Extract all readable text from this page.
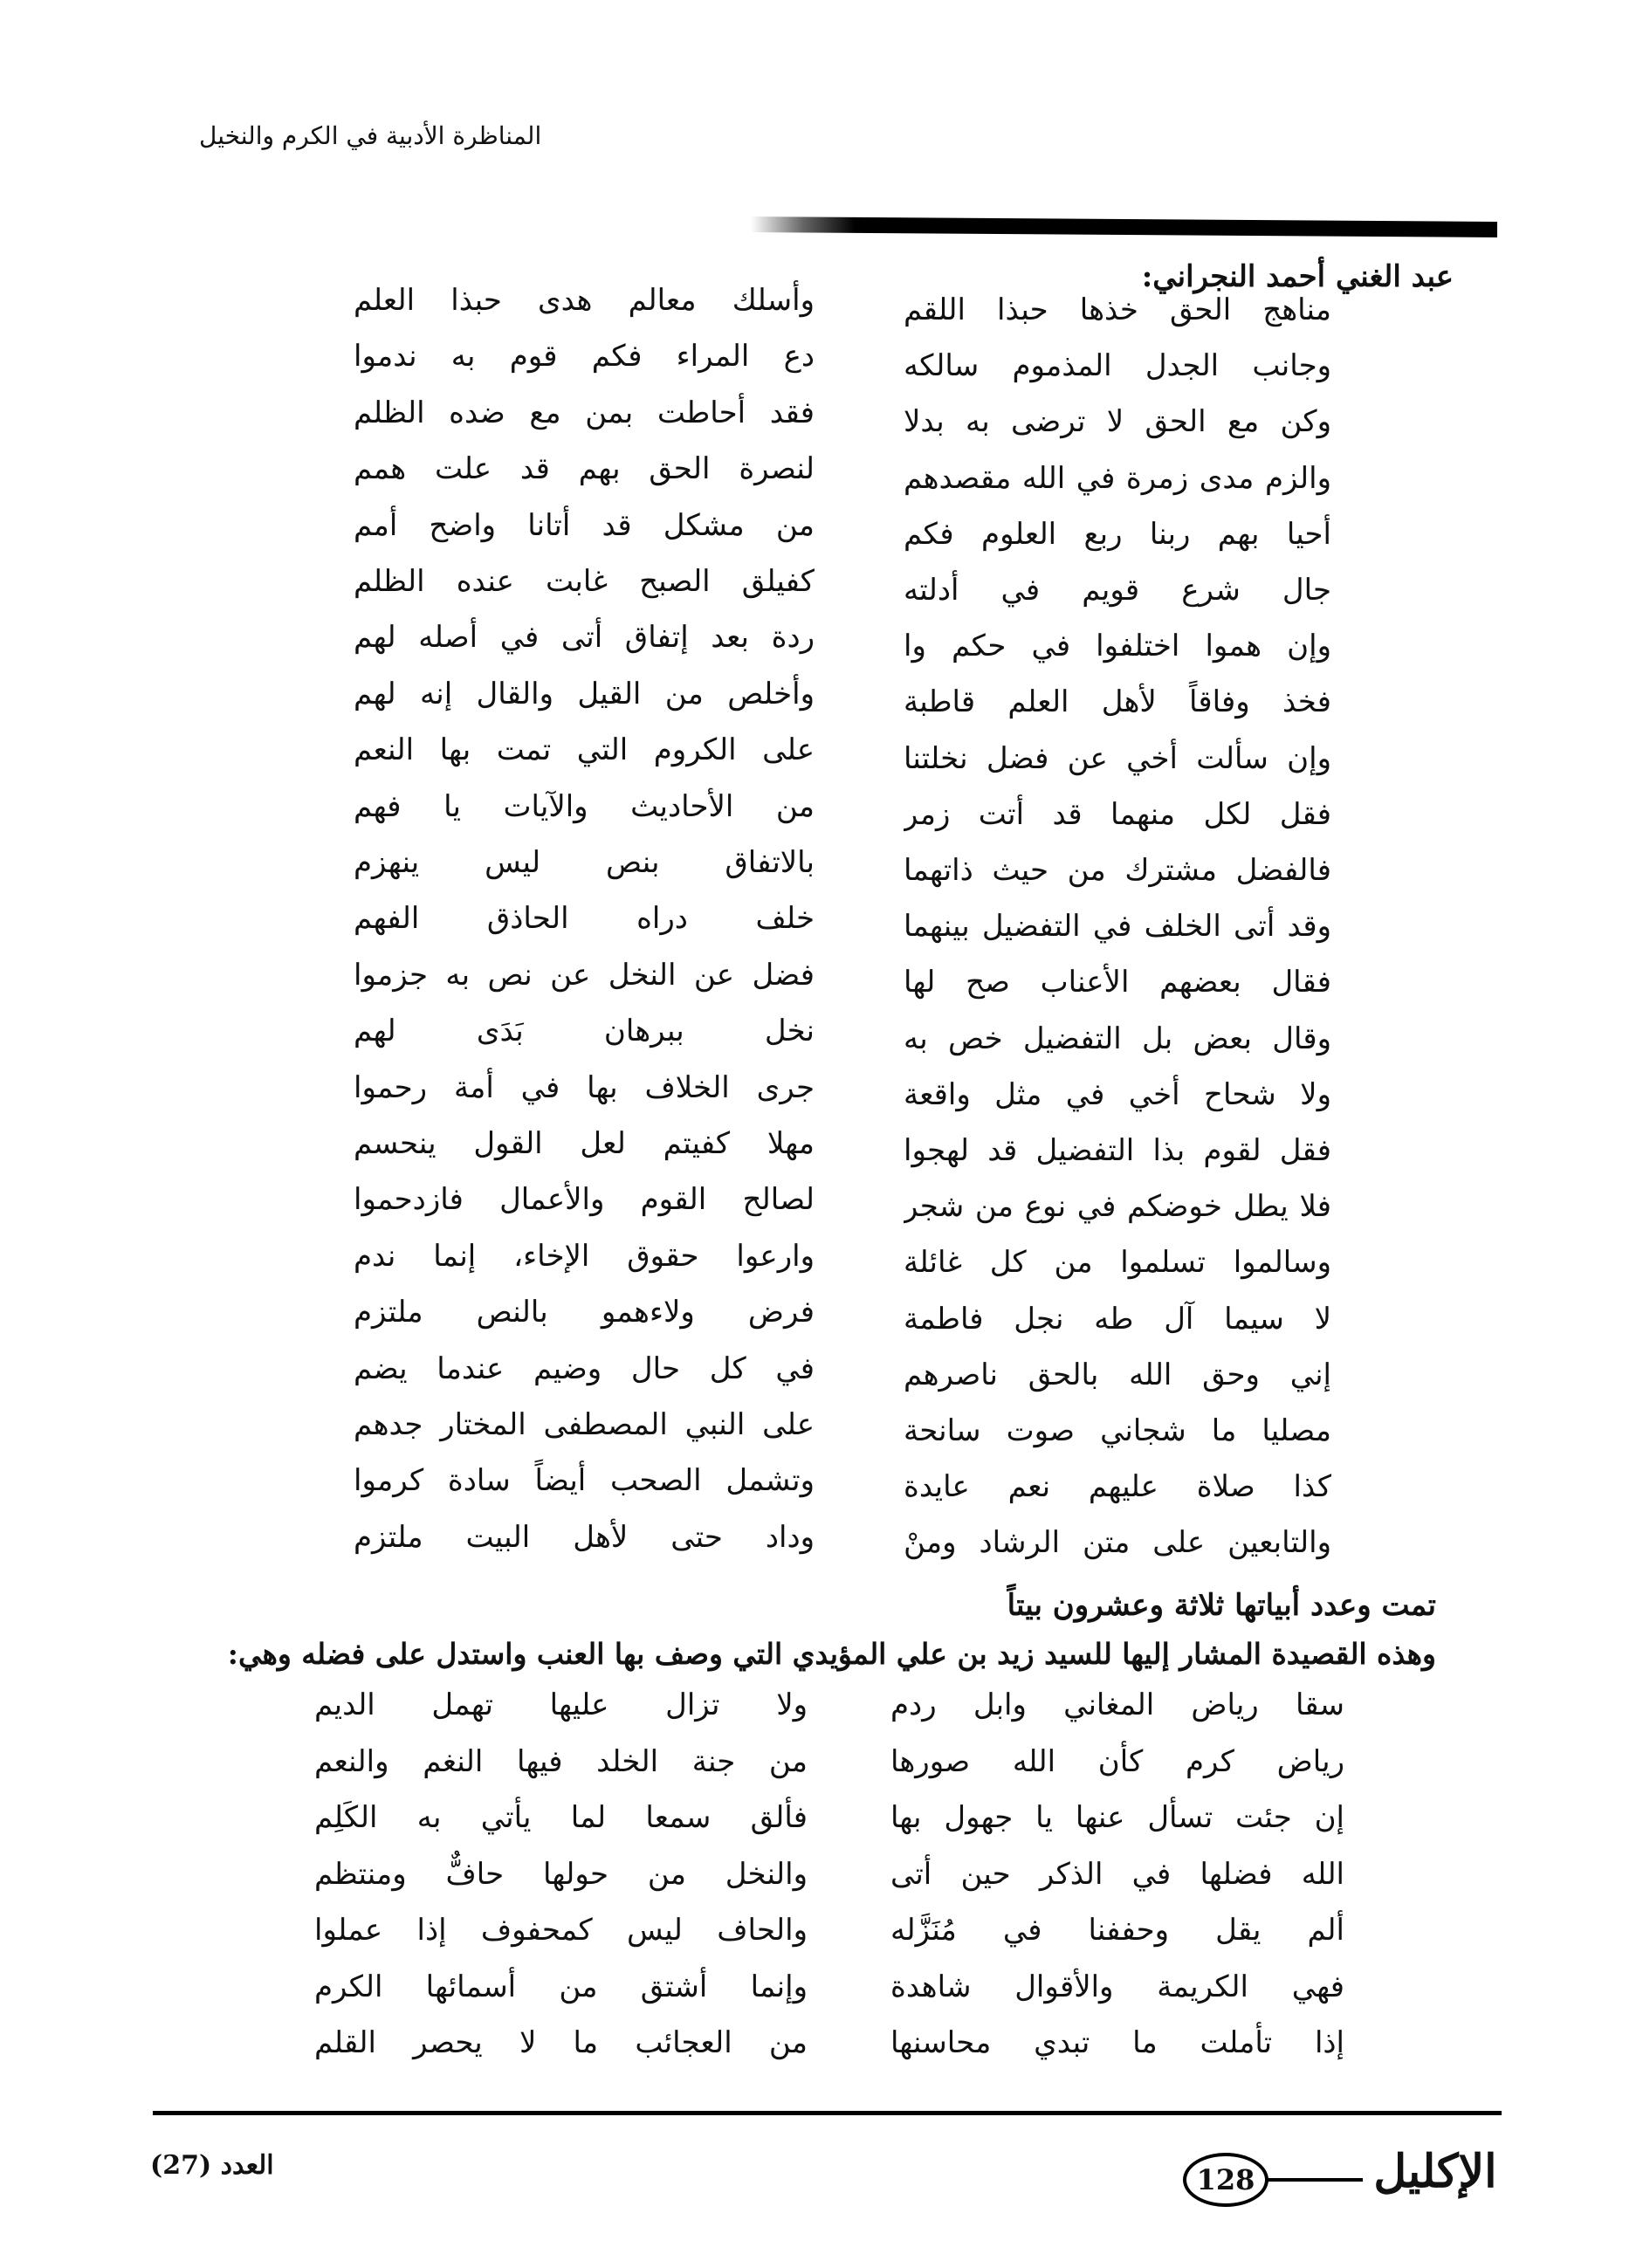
المناظرة الأدبية في الكرم والنخيل
عبد الغني أحمد النجراني:
مناهج الحق خذها حبذا اللقم
وجانب الجدل المذموم سالكه
وكن مع الحق لا ترضى به بدلا
والزم مدى زمرة في الله مقصدهم
أحيا بهم ربنا ربع العلوم فكم
جال شرع قويم في أدلته
وإن هموا اختلفوا في حكم وا
فخذ وفاقاً لأهل العلم قاطبة
وإن سألت أخي عن فضل نخلتنا
فقل لكل منهما قد أتت زمر
فالفضل مشترك من حيث ذاتهما
وقد أتى الخلف في التفضيل بينهما
فقال بعضهم الأعناب صح لها
وقال بعض بل التفضيل خص به
ولا شحاح أخي في مثل واقعة
فقل لقوم بذا التفضيل قد لهجوا
فلا يطل خوضكم في نوع من شجر
وسالموا تسلموا من كل غائلة
لا سيما آل طه نجل فاطمة
إني وحق الله بالحق ناصرهم
مصليا ما شجاني صوت سانحة
كذا صلاة عليهم نعم عايدة
والتابعين على متن الرشاد ومنْ
وأسلك معالم هدى حبذا العلم
دع المراء فكم قوم به ندموا
فقد أحاطت بمن مع ضده الظلم
لنصرة الحق بهم قد علت همم
من مشكل قد أتانا واضح أمم
كفيلق الصبح غابت عنده الظلم
ردة بعد إتفاق أتى في أصله لهم
وأخلص من القيل والقال إنه لهم
على الكروم التي تمت بها النعم
من الأحاديث والآيات يا فهم
بالاتفاق بنص ليس ينهزم
خلف دراه الحاذق الفهم
فضل عن النخل عن نص به جزموا
نخل ببرهان بَدَى لهم
جرى الخلاف بها في أمة رحموا
مهلا كفيتم لعل القول ينحسم
لصالح القوم والأعمال فازدحموا
وارعوا حقوق الإخاء، إنما ندم
فرض ولاءهمو بالنص ملتزم
في كل حال وضيم عندما يضم
على النبي المصطفى المختار جدهم
وتشمل الصحب أيضاً سادة كرموا
وداد حتى لأهل البيت ملتزم
تمت وعدد أبياتها ثلاثة وعشرون بيتاً
وهذه القصيدة المشار إليها للسيد زيد بن علي المؤيدي التي وصف بها العنب واستدل على فضله وهي:
سقا رياض المغاني وابل ردم
رياض كرم كأن الله صورها
إن جئت تسأل عنها يا جهول بها
الله فضلها في الذكر حين أتى
ألم يقل وحففنا في مُنَزَّله
فهي الكريمة والأقوال شاهدة
إذا تأملت ما تبدي محاسنها
ولا تزال عليها تهمل الديم
من جنة الخلد فيها النغم والنعم
فألق سمعا لما يأتي به الكَلِم
والنخل من حولها حافٌّ ومنتظم
والحاف ليس كمحفوف إذا عملوا
وإنما أشتق من أسمائها الكرم
من العجائب ما لا يحصر القلم
العدد (27)	128	الإكليل
